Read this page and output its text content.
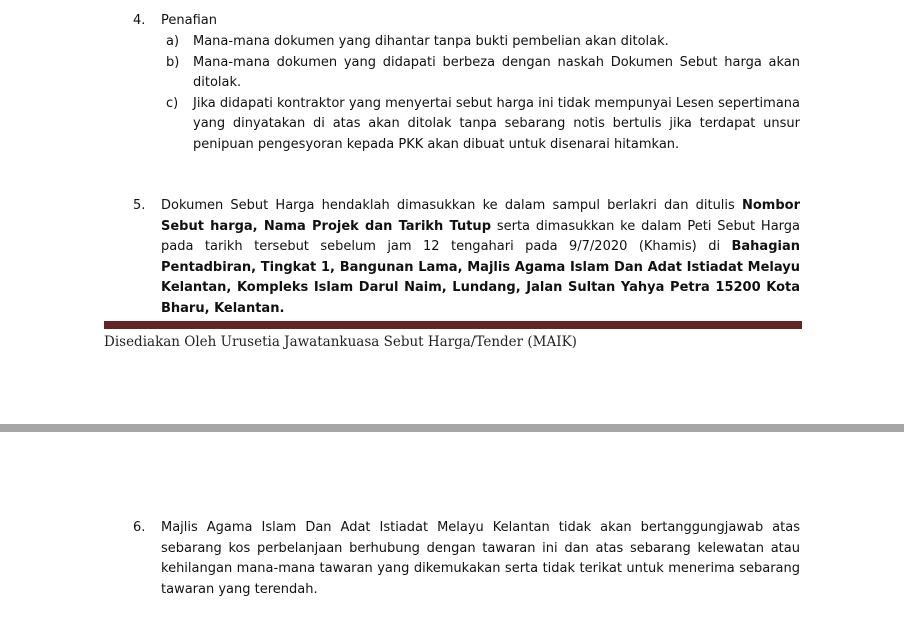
4.	Penafian
a)	Mana-mana dokumen yang dihantar tanpa bukti pembelian akan ditolak.
b)	Mana-mana dokumen yang didapati berbeza dengan naskah Dokumen Sebut harga akan ditolak.
c)	Jika didapati kontraktor yang menyertai sebut harga ini tidak mempunyai Lesen sepertimana yang dinyatakan di atas akan ditolak tanpa sebarang notis bertulis jika terdapat unsur penipuan pengesyoran kepada PKK akan dibuat untuk disenarai hitamkan.
5.	Dokumen Sebut Harga hendaklah dimasukkan ke dalam sampul berlakri dan ditulis Nombor Sebut harga, Nama Projek dan Tarikh Tutup serta dimasukkan ke dalam Peti Sebut Harga pada tarikh tersebut sebelum jam 12 tengahari pada 9/7/2020 (Khamis) di Bahagian Pentadbiran, Tingkat 1, Bangunan Lama, Majlis Agama Islam Dan Adat Istiadat Melayu Kelantan, Kompleks Islam Darul Naim, Lundang, Jalan Sultan Yahya Petra 15200 Kota Bharu, Kelantan.
Disediakan Oleh Urusetia Jawatankuasa Sebut Harga/Tender (MAIK)
6.	Majlis Agama Islam Dan Adat Istiadat Melayu Kelantan tidak akan bertanggungjawab atas sebarang kos perbelanjaan berhubung dengan tawaran ini dan atas sebarang kelewatan atau kehilangan mana-mana tawaran yang dikemukakan serta tidak terikat untuk menerima sebarang tawaran yang terendah.
